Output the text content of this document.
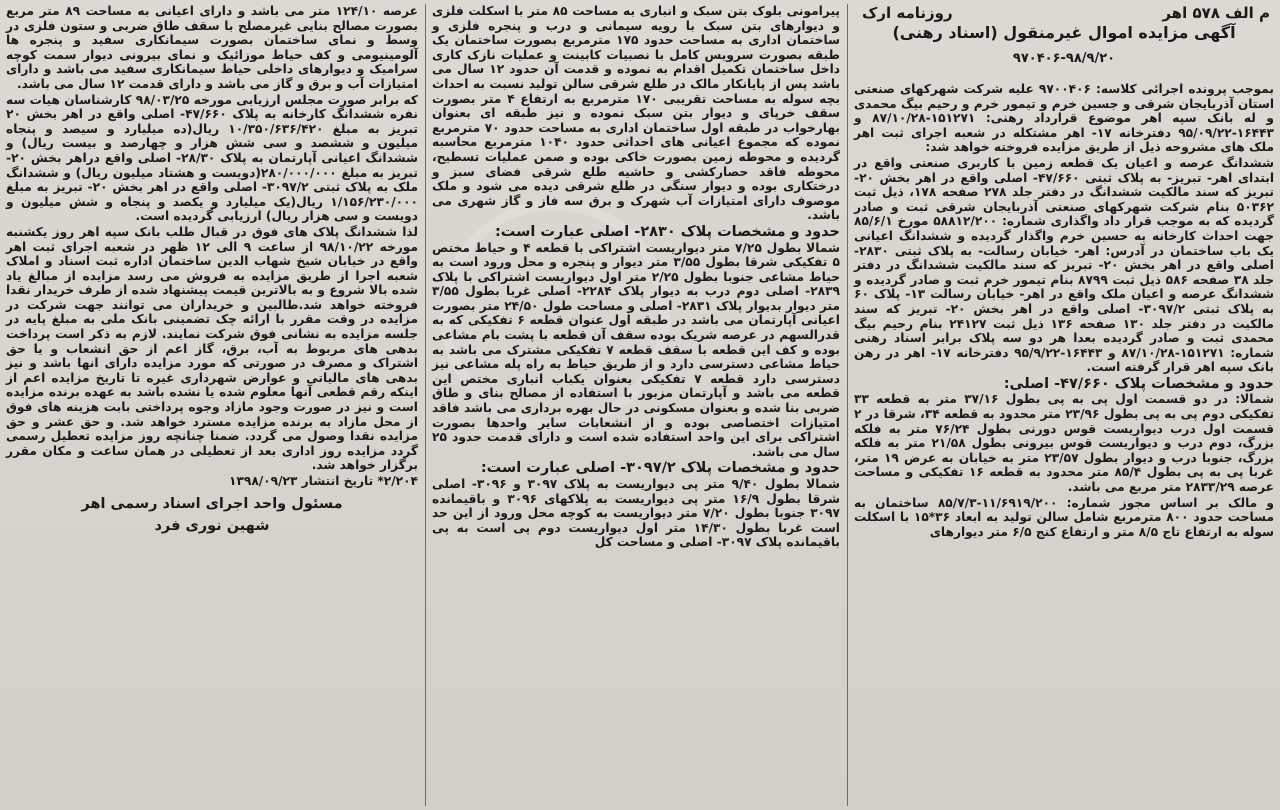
م الف ۵۷۸ اهر
روزنامه ارک
آگهی مزایده اموال غیرمنقول (اسناد رهنی)
۹۷۰۴۰۶-۹۸/۹/۲۰

بموجب پرونده اجرائی کلاسه: ۹۷۰۰۴۰۶ علیه شرکت شهرکهای صنعتی استان آذربایجان شرقی و جسین خرم و تیمور خرم و رحیم بیگ محمدی و له بانک سپه اهر موضوع قرارداد رهنی: ۱۵۱۲۷۱-۸۷/۱۰/۲۸ و ۱۶۴۴۳-۹۵/۰۹/۲۲ دفترخانه ۱۷- اهر مشتکله در شعبه اجرای ثبت اهر ملک های مشروحه ذیل از طریق مزایده فروخته خواهد شد:

ششدانگ عرصه و اعیان یک قطعه زمین با کاربری صنعتی واقع در ابتدای اهر- تبریز- به پلاک ثبتی ۴۷/۶۶۰- اصلی واقع در اهر بخش ۲۰- تبریز که سند مالکیت ششدانگ در دفتر جلد ۲۷۸ صفحه ۱۷۸، ذیل ثبت ۵۰۳۶۲ بنام شرکت شهرکهای صنعتی آذربایجان شرقی ثبت و صادر گردیده که به موجب قرار داد واگذاری شماره: ۵۸۸۱۲/۲۰۰ مورخ ۸۵/۶/۱ جهت احداث کارخانه به حسین خرم واگذار گردیده و ششدانگ اعیانی یک باب ساختمان در آدرس: اهر- خیابان رسالت- به پلاک ثبتی ۲۸۳۰- اصلی واقع در اهر بخش ۲۰- تبریز که سند مالکیت ششدانگ در دفتر جلد ۳۸ صفحه ۵۸۶ ذیل ثبت ۸۷۹۹ بنام تیمور خرم ثبت و صادر گردیده و ششدانگ عرصه و اعیان ملک واقع در اهر- خیابان رسالت ۱۳- پلاک ۶۰ به پلاک ثبتی ۳۰۹۷/۲- اصلی واقع در اهر بخش ۲۰- تبریز که سند مالکیت در دفتر جلد ۱۳۰ صفحه ۱۳۶ ذیل ثبت ۲۴۱۲۷ بنام رحیم بیگ محمدی ثبت و صادر گردیده بعدا هر دو سه پلاک برابر اسناد رهنی شماره: ۱۵۱۲۷۱-۸۷/۱۰/۲۸ و ۱۶۴۴۳-۹۵/۹/۲۲ دفترخانه ۱۷- اهر در رهن بانک سپه اهر قرار گرفته است.

حدود و مشخصات پلاک ۴۷/۶۶۰- اصلی:

شمالا: در دو قسمت اول پی به پی بطول ۳۷/۱۶ متر به قطعه ۳۳ تفکیکی دوم پی به پی بطول ۲۳/۹۶ متر محدود به قطعه ۳۴، شرقا در ۲ قسمت اول درب دیواریست قوس دورنی بطول ۷۶/۲۴ متر به فلکه بزرگ، دوم درب و دیواریست قوس بیرونی بطول ۲۱/۵۸ متر به فلکه بزرگ، جنوبا درب و دیوار بطول ۲۳/۵۷ متر به خیابان به عرض ۱۹ متر، غربا پی به پی بطول ۸۵/۴ متر محدود به قطعه ۱۶ تفکیکی و مساحت عرصه ۲۸۳۳/۲۹ متر مربع می باشد.

و مالک بر اساس مجوز شماره: ۱۱/۶۹۱۹/۲۰۰-۸۵/۷/۳ ساختمان به مساحت حدود ۸۰۰ مترمربع شامل سالن تولید به ابعاد ۳۶*۱۵ با اسکلت سوله به ارتفاع تاج ۸/۵ متر و ارتفاع کنج ۶/۵ متر دیوارهای

پیرامونی بلوک بتن سبک و انباری به مساحت ۸۵ متر با اسکلت فلزی و دیوارهای بتن سبک با رویه سیمانی و درب و پنجره فلزی و ساختمان اداری به مساحت حدود ۱۷۵ مترمربع بصورت ساختمان یک طبقه بصورت سرویس کامل با نصبیات کابینت و عملیات نازک کاری داخل ساختمان تکمیل اقدام به نموده و قدمت آن حدود ۱۲ سال می باشد پس از پایانکار مالک در طلع شرقی سالن تولید نسبت به احداث بچه سوله به مساحت تقریبی ۱۷۰ مترمربع به ارتفاع ۴ متر بصورت سقف خرپای و دیوار بتن سبک نموده و نیز طبقه ای بعنوان بهارخواب در طبقه اول ساختمان اداری به مساحت حدود ۷۰ مترمربع نموده که مجموع اعیانی های احداثی حدود ۱۰۴۰ مترمربع محاسبه گردیده و محوطه زمین بصورت خاکی بوده و صمن عملیات تسطیح، محوطه فاقد حصارکشی و حاشیه طلع شرقی فضای سبز و درختکاری بوده و دیوار سنگی در طلع شرقی دیده می شود و ملک موصوف دارای امتیازات آب شهرک و برق سه فاز و گاز شهری می باشد.

حدود و مشخصات پلاک ۲۸۳۰- اصلی عبارت است:

شمالا بطول ۷/۲۵ متر دیواریست اشتراکی با قطعه ۴ و حیاط مختص ۵ تفکیکی شرقا بطول ۳/۵۵ متر دیوار و پنجره و محل ورود است به حیاط مشاعی جنوبا بطول ۲/۲۵ متر اول دیواریست اشتراکی با پلاک ۲۸۳۹- اصلی دوم درب به دیوار پلاک ۲۲۸۴- اصلی غربا بطول ۳/۵۵ متر دیوار بدیوار پلاک ۲۸۳۱- اصلی و مساحت طول ۲۴/۵۰ متر بصورت اعیانی آپارتمان می باشد در طبقه اول عنوان قطعه ۶ تفکیکی که به قدرالسهم در عرصه شریک بوده سقف آن قطعه با پشت بام مشاعی بوده و کف این قطعه با سقف قطعه ۷ تفکیکی مشترک می باشد به حیاط مشاعی دسترسی دارد و از طریق حیاط به راه پله مشاعی نیز دسترسی دارد قطعه ۷ تفکیکی بعنوان یکباب انباری مختص این قطعه می باشد و آپارتمان مزبور با استفاده از مصالح بنای و طاق ضربی بنا شده و بعنوان مسکونی در حال بهره برداری می باشد فاقد امتیازات اختصاصی بوده و از انشعابات سایر واحدها بصورت اشتراکی برای این واحد استفاده شده است و دارای قدمت حدود ۲۵ سال می باشد.

حدود و مشخصات پلاک ۳۰۹۷/۲- اصلی عبارت است:

شمالا بطول ۹/۴۰ متر پی دیواریست به پلاک ۳۰۹۷ و ۳۰۹۶- اصلی شرقا بطول ۱۶/۹ متر پی دیواریست به پلاکهای ۳۰۹۶ و باقیمانده ۳۰۹۷ جنوبا بطول ۷/۲۰ متر دیواریست به کوچه محل ورود از این حد است غربا بطول ۱۴/۳۰ متر اول دیواریست دوم پی است به پی باقیمانده پلاک ۳۰۹۷- اصلی و مساحت کل

عرصه ۱۲۴/۱۰ متر می باشد و دارای اعیانی به مساحت ۸۹ متر مربع بصورت مصالح بنایی غیرمصلح با سقف طاق ضربی و ستون فلزی در وسط و نمای ساختمان بصورت سیمانکاری سفید و پنجره ها آلومینیومی و کف حیاط موزائیک و نمای بیرونی دیوار سمت کوچه سرامیک و دیوارهای داخلی حیاط سیمانکاری سفید می باشد و دارای امتیازات آب و برق و گاز می باشد و دارای قدمت ۱۲ سال می باشد.

که برابر صورت مجلس ارزیابی مورخه ۹۸/۰۳/۲۵ کارشناسان هیات سه نفره ششدانگ کارخانه به پلاک ۴۷/۶۶۰- اصلی واقع در اهر بخش ۲۰ تبریز به مبلغ ۱۰/۳۵۰/۶۳۶/۴۲۰ ریال(ده میلیارد و سیصد و پنجاه میلیون و ششصد و سی شش هزار و چهارصد و بیست ریال) و ششدانگ اعیانی آپارتمان به پلاک ۲۸/۳۰- اصلی واقع دراهر بخش ۲۰- تبریز به مبلغ ۲۸۰/۰۰۰/۰۰۰(دویست و هشتاد میلیون ریال) و ششدانگ ملک به پلاک ثبتی ۳۰۹۷/۲- اصلی واقع در اهر بخش ۲۰- تبریز به مبلغ ۱/۱۵۶/۲۳۰/۰۰۰ ریال(یک میلیارد و یکصد و پنجاه و شش میلیون و دویست و سی هزار ریال) ارزیابی گردیده است.

لذا ششدانگ پلاک های فوق در قبال طلب بانک سپه اهر روز یکشنبه مورخه ۹۸/۱۰/۲۲ از ساعت ۹ الی ۱۲ ظهر در شعبه اجرای ثبت اهر واقع در خیابان شیخ شهاب الدین ساختمان اداره ثبت اسناد و املاک شعبه اجرا از طریق مزایده به فروش می رسد مزایده از مبالغ یاد شده بالا شروع و به بالاترین قیمت پیشنهاد شده از طرف خریدار نقدا فروخته خواهد شد.طالبین و خریداران می توانند جهت شرکت در مزایده در وقت مقرر با ارائه چک تضمینی بانک ملی به مبلغ پایه در جلسه مزایده به نشانی فوق شرکت نمایند. لازم به ذکر است پرداخت بدهی های مربوط به آب، برق، گاز اعم از حق انشعاب و یا حق اشتراک و مصرف در صورتی که مورد مزایده دارای انها باشد و نیز بدهی های مالیاتی و عوارض شهرداری غیره تا تاریخ مزایده اعم از اینکه رقم قطعی آنها معلوم شده یا نشده باشد به عهده برنده مزایده است و نیز در صورت وجود مازاد وجوه پرداختی بابت هزینه های فوق از محل مازاد به برنده مزایده مسترد خواهد شد. و حق عشر و حق مزایده نقدا وصول می گردد. ضمنا چنانچه روز مزایده تعطیل رسمی گردد مزایده روز اداری بعد از تعطیلی در همان ساعت و مکان مقرر برگزار خواهد شد.

۲/۲۰۴* تاریخ انتشار ۱۳۹۸/۰۹/۲۳

مسئول واحد اجرای اسناد رسمی اهر
شهین نوری فرد
